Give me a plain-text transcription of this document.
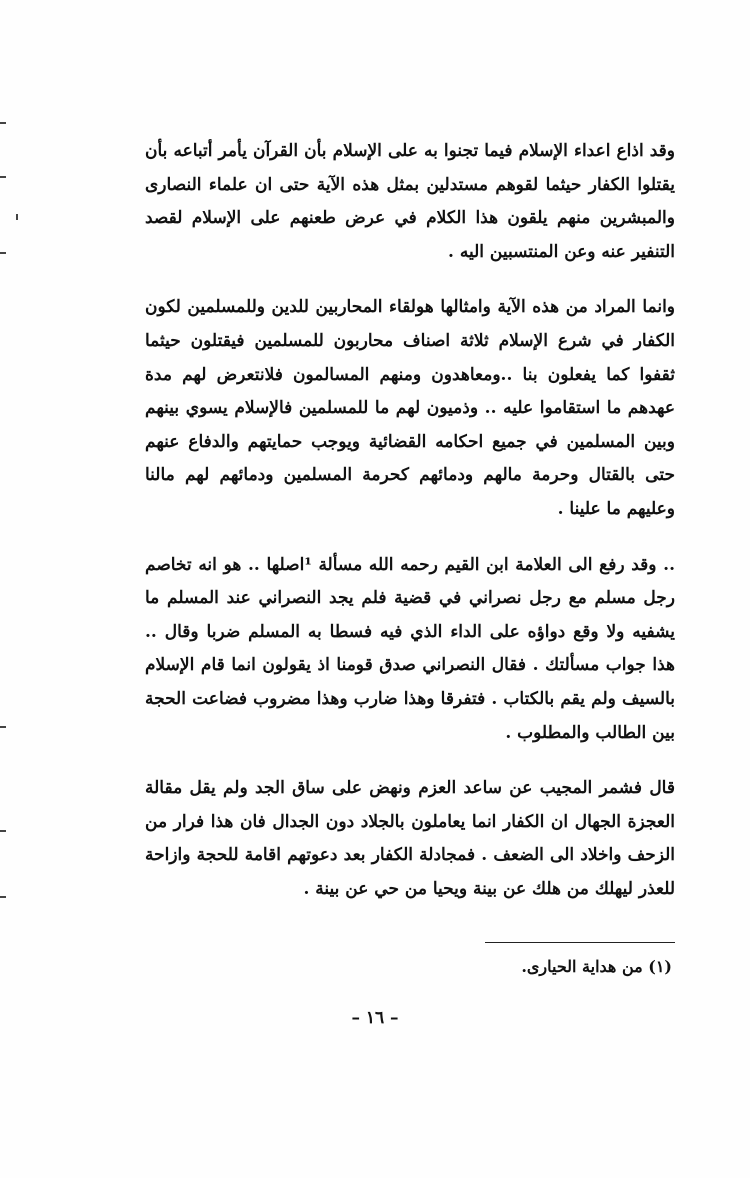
وقد اذاع اعداء الإسلام فيما تجنوا به على الإسلام بأن القرآن يأمر أتباعه بأن يقتلوا الكفار حيثما لقوهم مستدلين بمثل هذه الآية حتى ان علماء النصارى والمبشرين منهم يلقون هذا الكلام في عرض طعنهم على الإسلام لقصد التنفير عنه وعن المنتسبين اليه .

وانما المراد من هذه الآية وامثالها هولقاء المحاربين للدين وللمسلمين لكون الكفار في شرع الإسلام ثلاثة اصناف محاربون للمسلمين فيقتلون حيثما ثقفوا كما يفعلون بنا ..ومعاهدون ومنهم المسالمون فلانتعرض لهم مدة عهدهم ما استقاموا عليه .. وذميون لهم ما للمسلمين فالإسلام يسوي بينهم وبين المسلمين في جميع احكامه القضائية ويوجب حمايتهم والدفاع عنهم حتى بالقتال وحرمة مالهم ودمائهم كحرمة المسلمين ودمائهم لهم مالنا وعليهم ما علينا .

.. وقد رفع الى العلامة ابن القيم رحمه الله مسألة ¹اصلها .. هو انه تخاصم رجل مسلم مع رجل نصراني في قضية فلم يجد النصراني عند المسلم ما يشفيه ولا وقع دواؤه على الداء الذي فيه فسطا به المسلم ضربا وقال .. هذا جواب مسألتك . فقال النصراني صدق قومنا اذ يقولون انما قام الإسلام بالسيف ولم يقم بالكتاب . فتفرقا وهذا ضارب وهذا مضروب فضاعت الحجة بين الطالب والمطلوب .

قال فشمر المجيب عن ساعد العزم ونهض على ساق الجد ولم يقل مقالة العجزة الجهال ان الكفار انما يعاملون بالجلاد دون الجدال فان هذا فرار من الزحف واخلاد الى الضعف . فمجادلة الكفار بعد دعوتهم اقامة للحجة وازاحة للعذر ليهلك من هلك عن بينة ويحيا من حي عن بينة .

(١) من هداية الحيارى.
– ١٦ –
